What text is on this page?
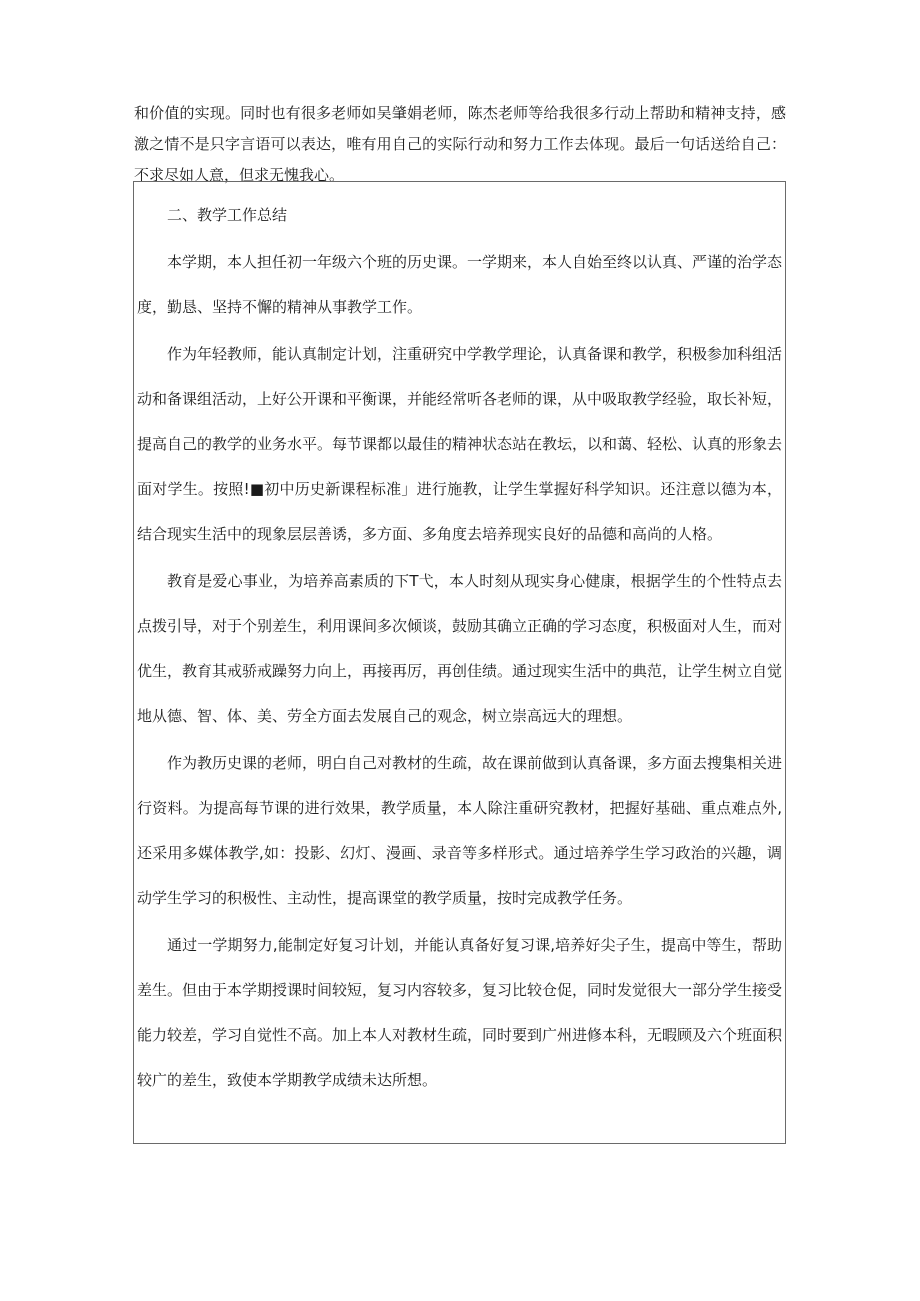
和价值的实现。同时也有很多老师如吴肇娟老师，陈杰老师等给我很多行动上帮助和精神支持，感激之情不是只字言语可以表达，唯有用自己的实际行动和努力工作去体现。最后一句话送给自己：不求尽如人意，但求无愧我心。

二、教学工作总结

本学期，本人担任初一年级六个班的历史课。一学期来，本人自始至终以认真、严谨的治学态度，勤恳、坚持不懈的精神从事教学工作。

作为年轻教师，能认真制定计划，注重研究中学教学理论，认真备课和教学，积极参加科组活动和备课组活动，上好公开课和平衡课，并能经常听各老师的课，从中吸取教学经验，取长补短，提高自己的教学的业务水平。每节课都以最佳的精神状态站在教坛，以和蔼、轻松、认真的形象去面对学生。按照!■初中历史新课程标准」进行施教，让学生掌握好科学知识。还注意以德为本，结合现实生活中的现象层层善诱，多方面、多角度去培养现实良好的品德和高尚的人格。

教育是爱心事业，为培养高素质的下T弋，本人时刻从现实身心健康，根据学生的个性特点去点拨引导，对于个别差生，利用课间多次倾谈，鼓励其确立正确的学习态度，积极面对人生，而对优生，教育其戒骄戒躁努力向上，再接再厉，再创佳绩。通过现实生活中的典范，让学生树立自觉地从德、智、体、美、劳全方面去发展自己的观念，树立崇高远大的理想。

作为教历史课的老师，明白自己对教材的生疏，故在课前做到认真备课，多方面去搜集相关进行资料。为提高每节课的进行效果，教学质量，本人除注重研究教材，把握好基础、重点难点外,还采用多媒体教学,如：投影、幻灯、漫画、录音等多样形式。通过培养学生学习政治的兴趣，调动学生学习的积极性、主动性，提高课堂的教学质量，按时完成教学任务。

通过一学期努力,能制定好复习计划，并能认真备好复习课,培养好尖子生，提高中等生，帮助差生。但由于本学期授课时间较短，复习内容较多，复习比较仓促，同时发觉很大一部分学生接受能力较差，学习自觉性不高。加上本人对教材生疏，同时要到广州进修本科，无暇顾及六个班面积较广的差生，致使本学期教学成绩未达所想。
